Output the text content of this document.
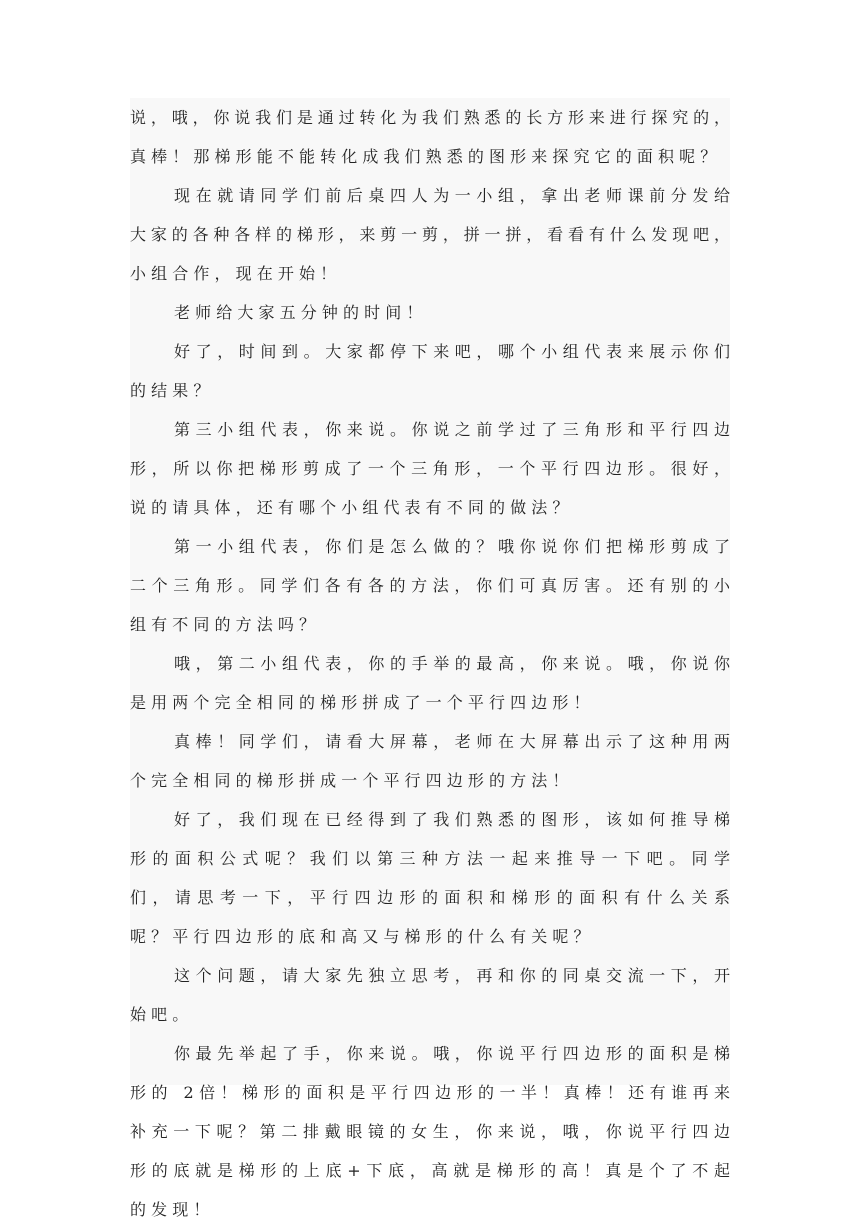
说，哦，你说我们是通过转化为我们熟悉的长方形来进行探究的，
真棒！那梯形能不能转化成我们熟悉的图形来探究它的面积呢？
现在就请同学们前后桌四人为一小组，拿出老师课前分发给
大家的各种各样的梯形，来剪一剪，拼一拼，看看有什么发现吧，
小组合作，现在开始！
老师给大家五分钟的时间！
好了，时间到。大家都停下来吧，哪个小组代表来展示你们
的结果？
第三小组代表，你来说。你说之前学过了三角形和平行四边
形，所以你把梯形剪成了一个三角形，一个平行四边形。很好，
说的请具体，还有哪个小组代表有不同的做法？
第一小组代表，你们是怎么做的？哦你说你们把梯形剪成了
二个三角形。同学们各有各的方法，你们可真厉害。还有别的小
组有不同的方法吗？
哦，第二小组代表，你的手举的最高，你来说。哦，你说你
是用两个完全相同的梯形拼成了一个平行四边形！
真棒！同学们，请看大屏幕，老师在大屏幕出示了这种用两
个完全相同的梯形拼成一个平行四边形的方法！
好了，我们现在已经得到了我们熟悉的图形，该如何推导梯
形的面积公式呢？我们以第三种方法一起来推导一下吧。同学
们，请思考一下，平行四边形的面积和梯形的面积有什么关系
呢？平行四边形的底和高又与梯形的什么有关呢？
这个问题，请大家先独立思考，再和你的同桌交流一下，开
始吧。
你最先举起了手，你来说。哦，你说平行四边形的面积是梯
形的 2倍！梯形的面积是平行四边形的一半！真棒！还有谁再来
补充一下呢？第二排戴眼镜的女生，你来说，哦，你说平行四边
形的底就是梯形的上底+下底，高就是梯形的高！真是个了不起
的发现！
